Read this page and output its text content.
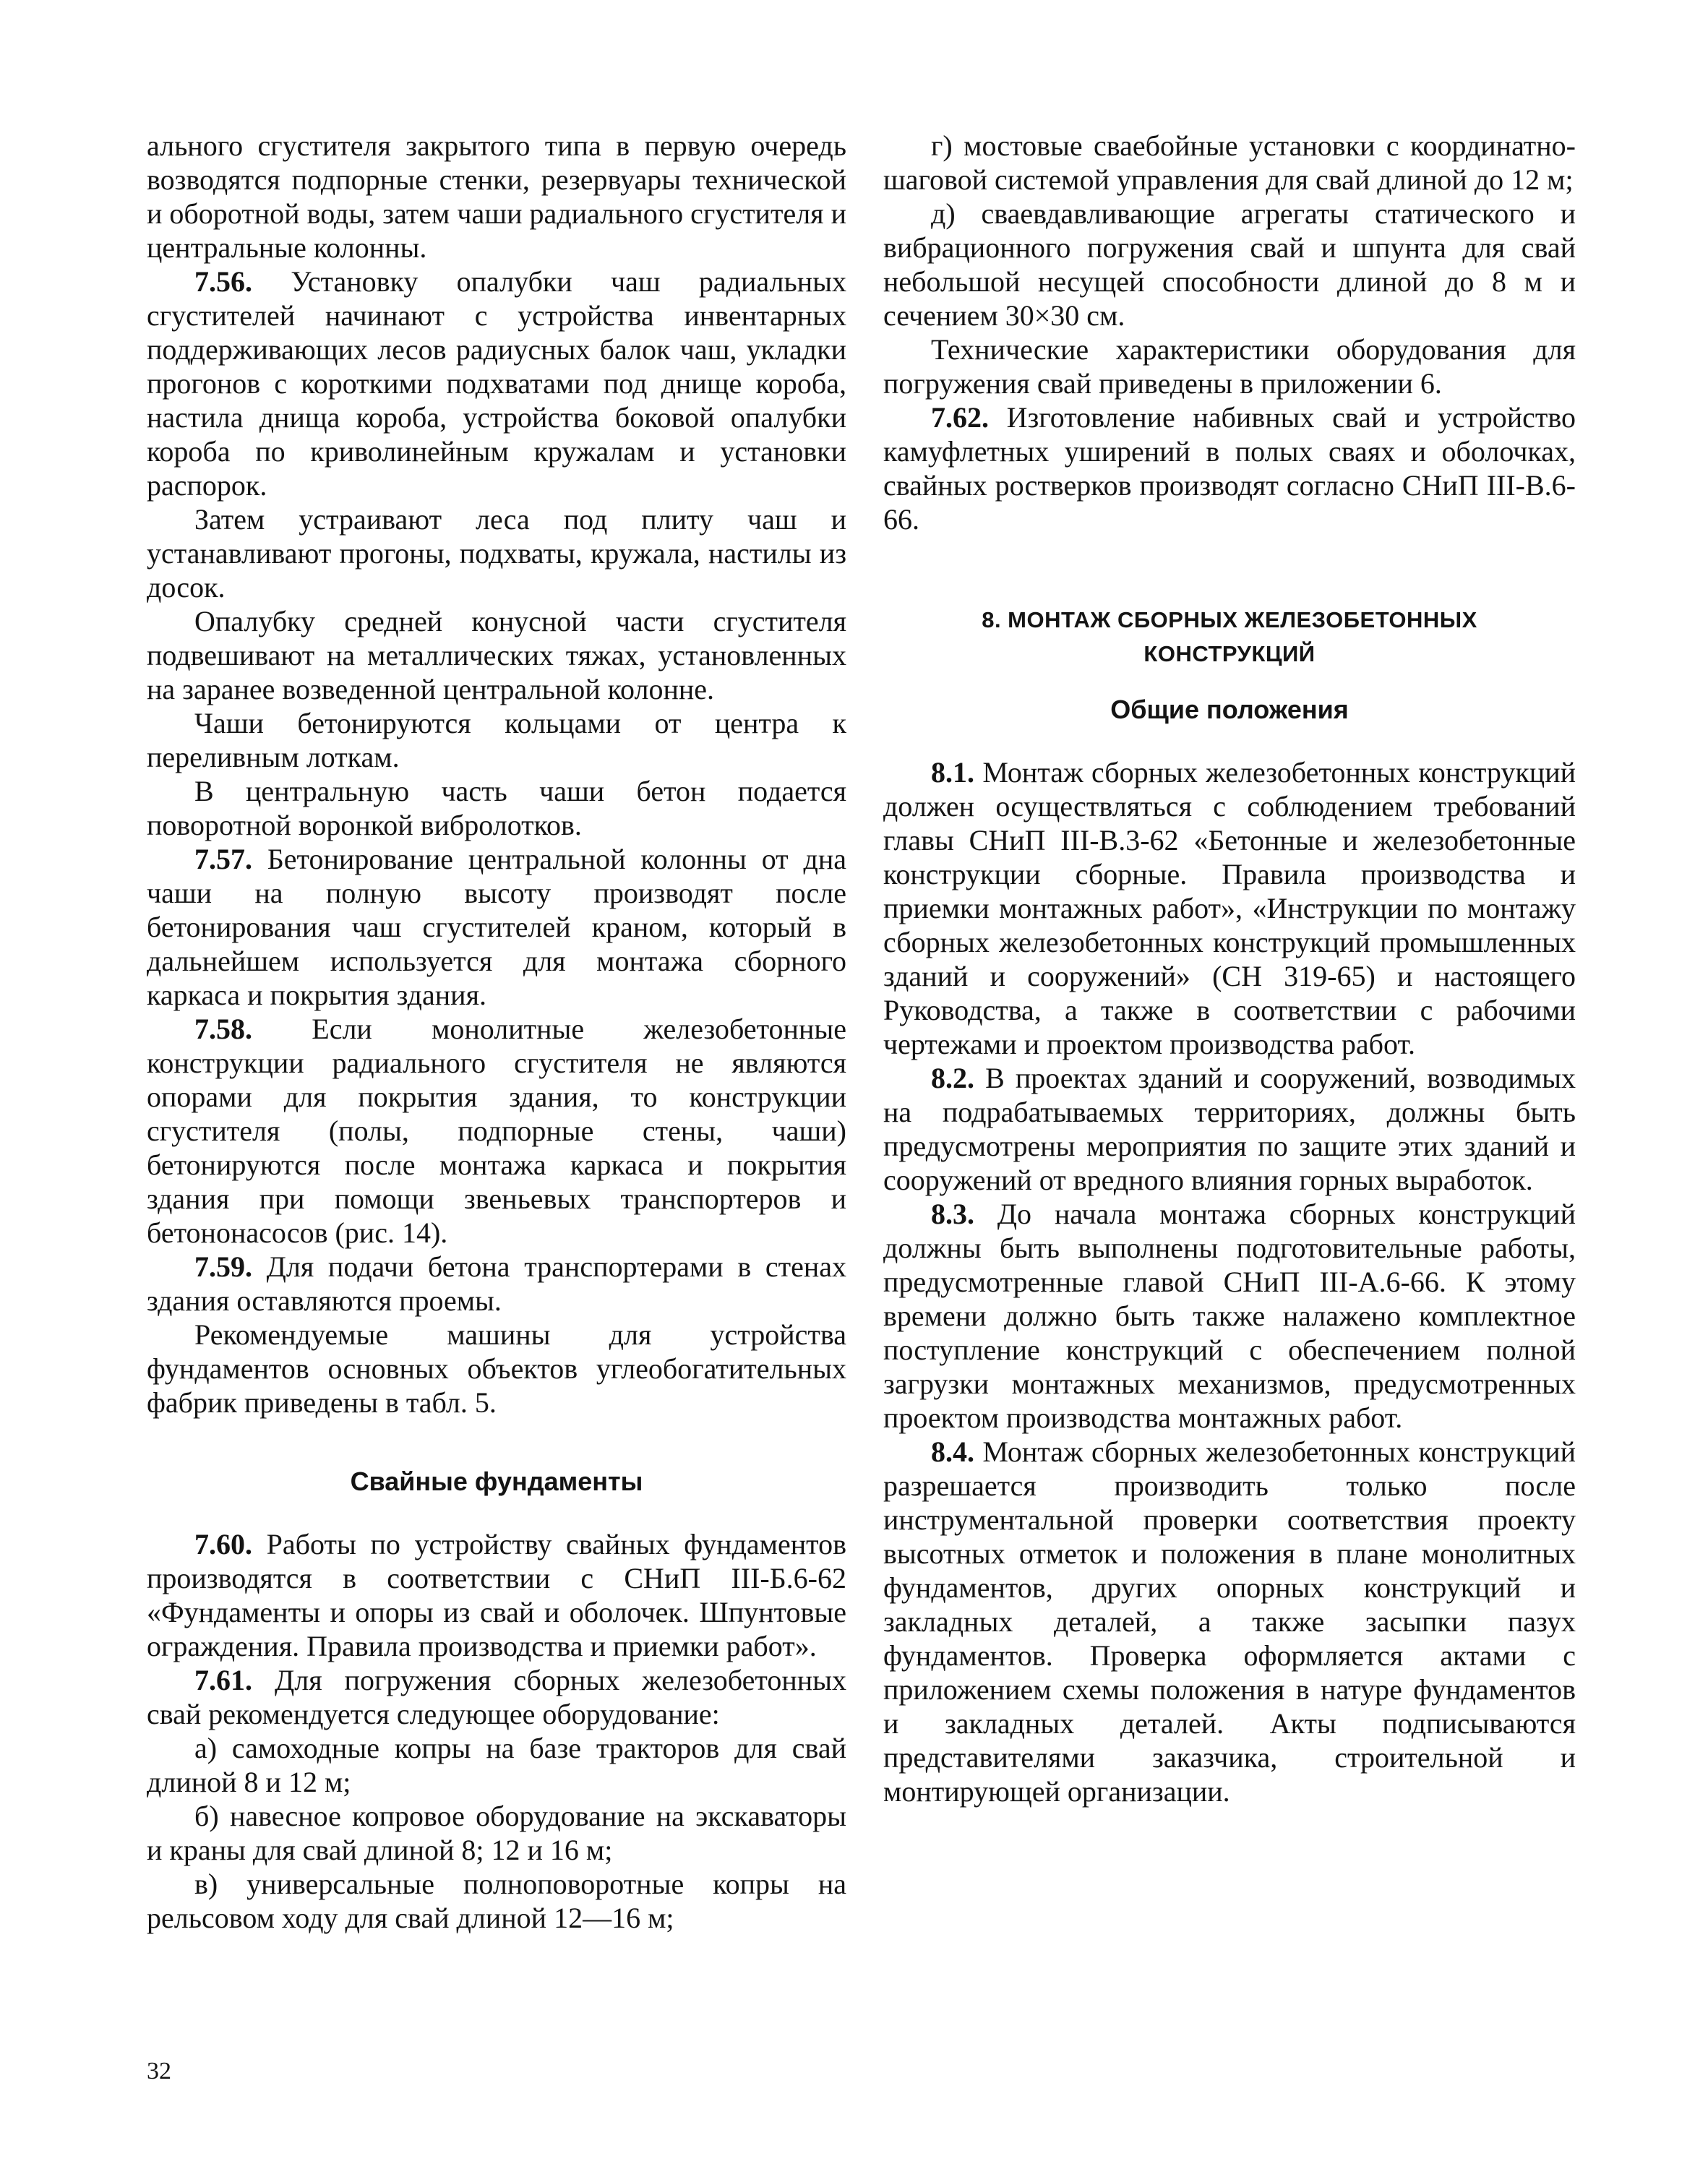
ального сгустителя закрытого типа в первую очередь возводятся подпорные стенки, резервуары технической и оборотной воды, затем чаши радиального сгустителя и центральные колонны.

7.56. Установку опалубки чаш радиальных сгустителей начинают с устройства инвентарных поддерживающих лесов радиусных балок чаш, укладки прогонов с короткими подхватами под днище короба, настила днища короба, устройства боковой опалубки короба по криволинейным кружалам и установки распорок.

Затем устраивают леса под плиту чаш и устанавливают прогоны, подхваты, кружала, настилы из досок.

Опалубку средней конусной части сгустителя подвешивают на металлических тяжах, установленных на заранее возведенной центральной колонне.

Чаши бетонируются кольцами от центра к переливным лоткам.

В центральную часть чаши бетон подается поворотной воронкой вибролотков.

7.57. Бетонирование центральной колонны от дна чаши на полную высоту производят после бетонирования чаш сгустителей краном, который в дальнейшем используется для монтажа сборного каркаса и покрытия здания.

7.58. Если монолитные железобетонные конструкции радиального сгустителя не являются опорами для покрытия здания, то конструкции сгустителя (полы, подпорные стены, чаши) бетонируются после монтажа каркаса и покрытия здания при помощи звеньевых транспортеров и бетононасосов (рис. 14).

7.59. Для подачи бетона транспортерами в стенах здания оставляются проемы.

Рекомендуемые машины для устройства фундаментов основных объектов углеобогатительных фабрик приведены в табл. 5.

Свайные фундаменты

7.60. Работы по устройству свайных фундаментов производятся в соответствии с СНиП III-Б.6-62 «Фундаменты и опоры из свай и оболочек. Шпунтовые ограждения. Правила производства и приемки работ».

7.61. Для погружения сборных железобетонных свай рекомендуется следующее оборудование:

а) самоходные копры на базе тракторов для свай длиной 8 и 12 м;

б) навесное копровое оборудование на экскаваторы и краны для свай длиной 8; 12 и 16 м;

в) универсальные полноповоротные копры на рельсовом ходу для свай длиной 12—16 м;

г) мостовые сваебойные установки с координатно-шаговой системой управления для свай длиной до 12 м;

д) сваевдавливающие агрегаты статического и вибрационного погружения свай и шпунта для свай небольшой несущей способности длиной до 8 м и сечением 30×30 см.

Технические характеристики оборудования для погружения свай приведены в приложении 6.

7.62. Изготовление набивных свай и устройство камуфлетных уширений в полых сваях и оболочках, свайных ростверков производят согласно СНиП III-В.6-66.

8. МОНТАЖ СБОРНЫХ ЖЕЛЕЗОБЕТОННЫХ
КОНСТРУКЦИЙ
Общие положения

8.1. Монтаж сборных железобетонных конструкций должен осуществляться с соблюдением требований главы СНиП III-В.3-62 «Бетонные и железобетонные конструкции сборные. Правила производства и приемки монтажных работ», «Инструкции по монтажу сборных железобетонных конструкций промышленных зданий и сооружений» (СН 319-65) и настоящего Руководства, а также в соответствии с рабочими чертежами и проектом производства работ.

8.2. В проектах зданий и сооружений, возводимых на подрабатываемых территориях, должны быть предусмотрены мероприятия по защите этих зданий и сооружений от вредного влияния горных выработок.

8.3. До начала монтажа сборных конструкций должны быть выполнены подготовительные работы, предусмотренные главой СНиП III-А.6-66. К этому времени должно быть также налажено комплектное поступление конструкций с обеспечением полной загрузки монтажных механизмов, предусмотренных проектом производства монтажных работ.

8.4. Монтаж сборных железобетонных конструкций разрешается производить только после инструментальной проверки соответствия проекту высотных отметок и положения в плане монолитных фундаментов, других опорных конструкций и закладных деталей, а также засыпки пазух фундаментов. Проверка оформляется актами с приложением схемы положения в натуре фундаментов и закладных деталей. Акты подписываются представителями заказчика, строительной и монтирующей организации.

32
